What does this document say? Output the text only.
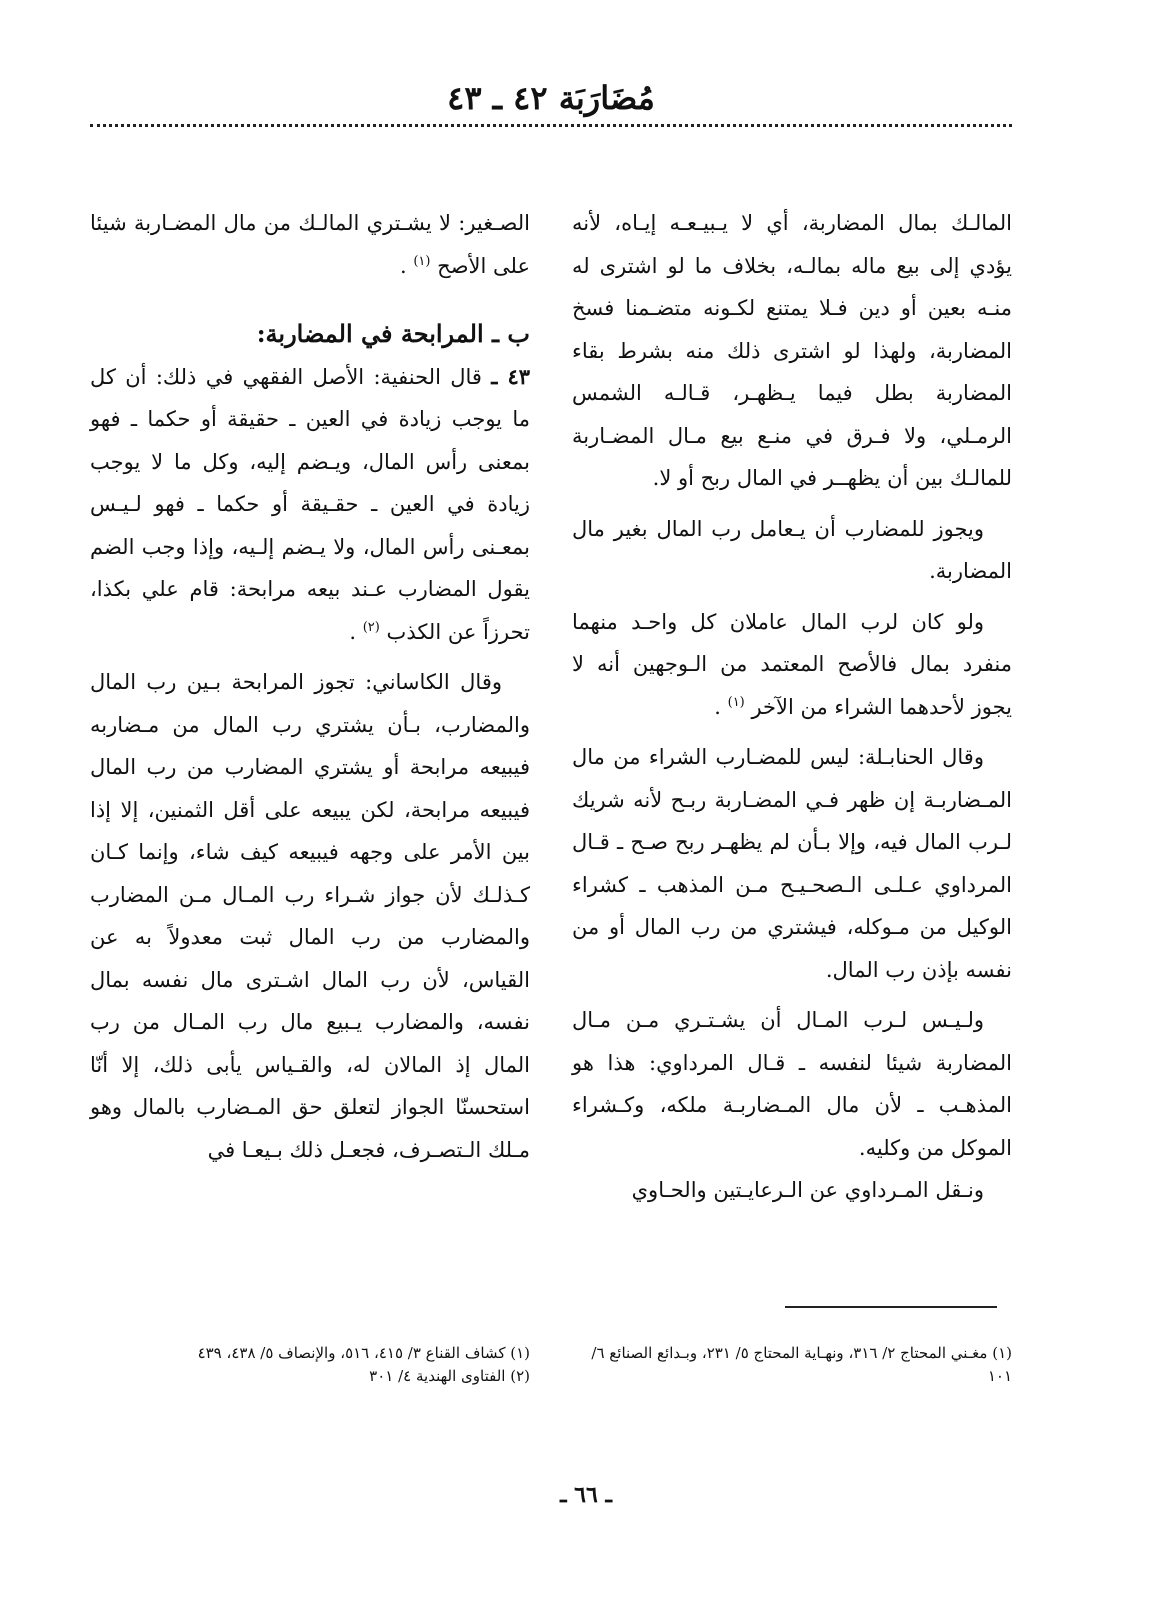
مُضَارَبَة ٤٢ ـ ٤٣

المالـك بمال المضاربة، أي لا يـبيـعـه إيـاه، لأنه يؤدي إلى بيع ماله بمالـه، بخلاف ما لو اشترى له منـه بعين أو دين فـلا يمتنع لكـونه متضـمنا فسخ المضاربة، ولهذا لو اشترى ذلك منه بشرط بقاء المضاربة بطل فيما يـظهـر، قـالـه الشمس الرمـلي، ولا فـرق في منـع بيع مـال المضـاربة للمالـك بين أن يظهــر في المال ربح أو لا.

ويجوز للمضارب أن يـعامل رب المال بغير مال المضاربة.

ولو كان لرب المال عاملان كل واحـد منهما منفرد بمال فالأصح المعتمد من الـوجهين أنه لا يجوز لأحدهما الشراء من الآخر $^{(١)}$ .

وقال الحنابـلة: ليس للمضـارب الشراء من مال المـضاربـة إن ظهر فـي المضـاربة ربـح لأنه شريك لـرب المال فيه، وإلا بـأن لم يظهـر ربح صـح ـ قـال المرداوي عـلـى الـصحـيـح مـن المذهب ـ كشراء الوكيل من مـوكله، فيشتري من رب المال أو من نفسه بإذن رب المال.

ولـيـس لـرب المـال أن يشـتـري مـن مـال المضاربة شيئا لنفسه ـ قـال المرداوي: هذا هو المذهـب ـ لأن مال المـضاربـة ملكه، وكـشراء الموكل من وكليه.

ونـقل المـرداوي عن الـرعايـتين والحـاوي

الصـغير: لا يشـتري المالـك من مال المضـاربة شيئا على الأصح $^{(١)}$ .

ب ـ المرابحة في المضاربة:

٤٣ ـ قال الحنفية: الأصل الفقهي في ذلك: أن كل ما يوجب زيادة في العين ـ حقيقة أو حكما ـ فهو بمعنى رأس المال، ويـضم إليه، وكل ما لا يوجب زيادة في العين ـ حقـيقة أو حكما ـ فهو لـيـس بمعـنى رأس المال، ولا يـضم إلـيه، وإذا وجب الضم يقول المضارب عـند بيعه مرابحة: قام علي بكذا، تحرزاً عن الكذب $^{(٢)}$ .

وقال الكاساني: تجوز المرابحة بـين رب المال والمضارب، بـأن يشتري رب المال من مـضاربه فيبيعه مرابحة أو يشتري المضارب من رب المال فيبيعه مرابحة، لكن يبيعه على أقل الثمنين، إلا إذا بين الأمر على وجهه فيبيعه كيف شاء، وإنما كـان كـذلـك لأن جواز شـراء رب المـال مـن المضارب والمضارب من رب المال ثبت معدولاً به عن القياس، لأن رب المال اشـترى مال نفسه بمال نفسه، والمضارب يـبيع مال رب المـال من رب المال إذ المالان له، والقـياس يأبى ذلك، إلا أنّا استحسنّا الجواز لتعلق حق المـضارب بالمال وهو مـلك الـتصـرف، فجعـل ذلك بـيعـا في

(١) مغـني المحتاج ٢/ ٣١٦، ونهـاية المحتاج ٥/ ٢٣١، وبـدائع الصنائع ٦/ ١٠١

(١) كشاف القناع ٣/ ٤١٥، ٥١٦، والإنصاف ٥/ ٤٣٨، ٤٣٩

(٢) الفتاوى الهندية ٤/ ٣٠١

ـ ٦٦ ـ
